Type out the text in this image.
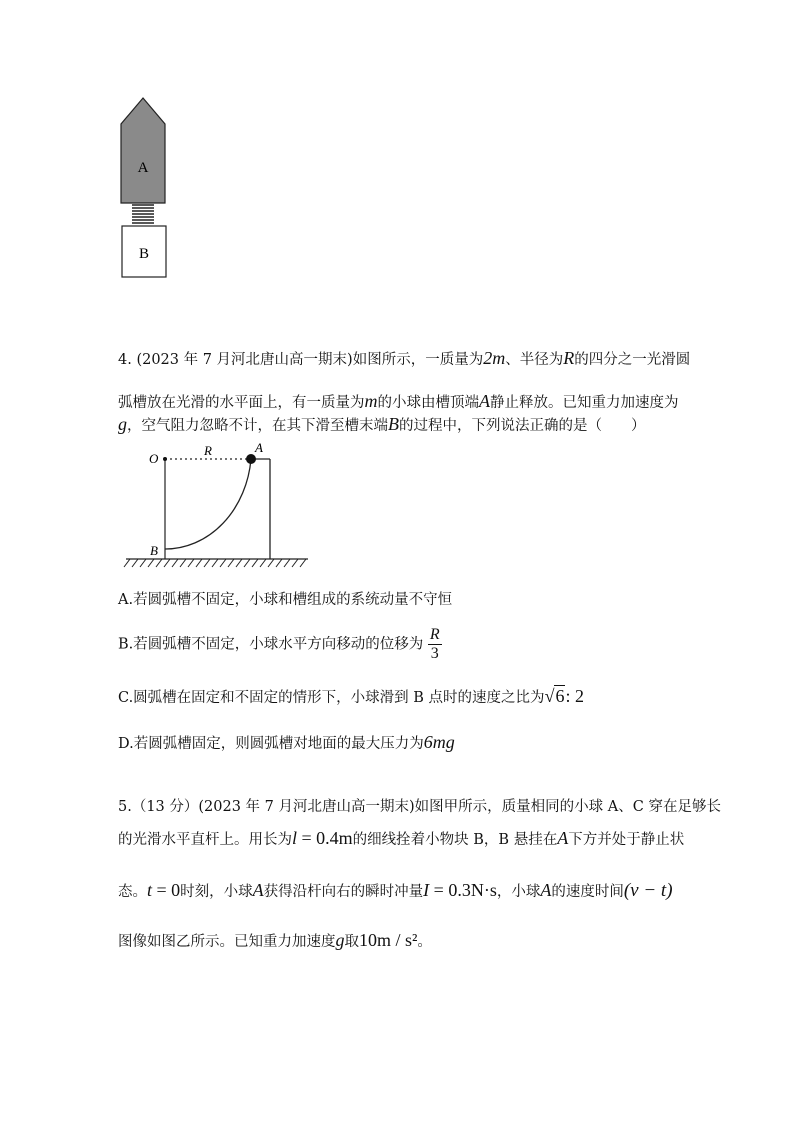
A
B
4. (2023 年 7 月河北唐山高一期末)如图所示，一质量为2m、半径为R的四分之一光滑圆
弧槽放在光滑的水平面上，有一质量为m的小球由槽顶端A静止释放。已知重力加速度为
g，空气阻力忽略不计，在其下滑至槽末端B的过程中，下列说法正确的是（　　）
O
R	A
B
A.若圆弧槽不固定，小球和槽组成的系统动量不守恒
B.若圆弧槽不固定，小球水平方向移动的位移为 $\frac{R}{3}$
C.圆弧槽在固定和不固定的情形下，小球滑到 B 点时的速度之比为√6: 2
D.若圆弧槽固定，则圆弧槽对地面的最大压力为6mg
5.（13 分）(2023 年 7 月河北唐山高一期末)如图甲所示，质量相同的小球 A、C 穿在足够长
的光滑水平直杆上。用长为l = 0.4m的细线拴着小物块 B，B 悬挂在A下方并处于静止状
态。t = 0时刻，小球A获得沿杆向右的瞬时冲量I = 0.3N·s，小球A的速度时间(v − t)
图像如图乙所示。已知重力加速度g取10m / s²。
